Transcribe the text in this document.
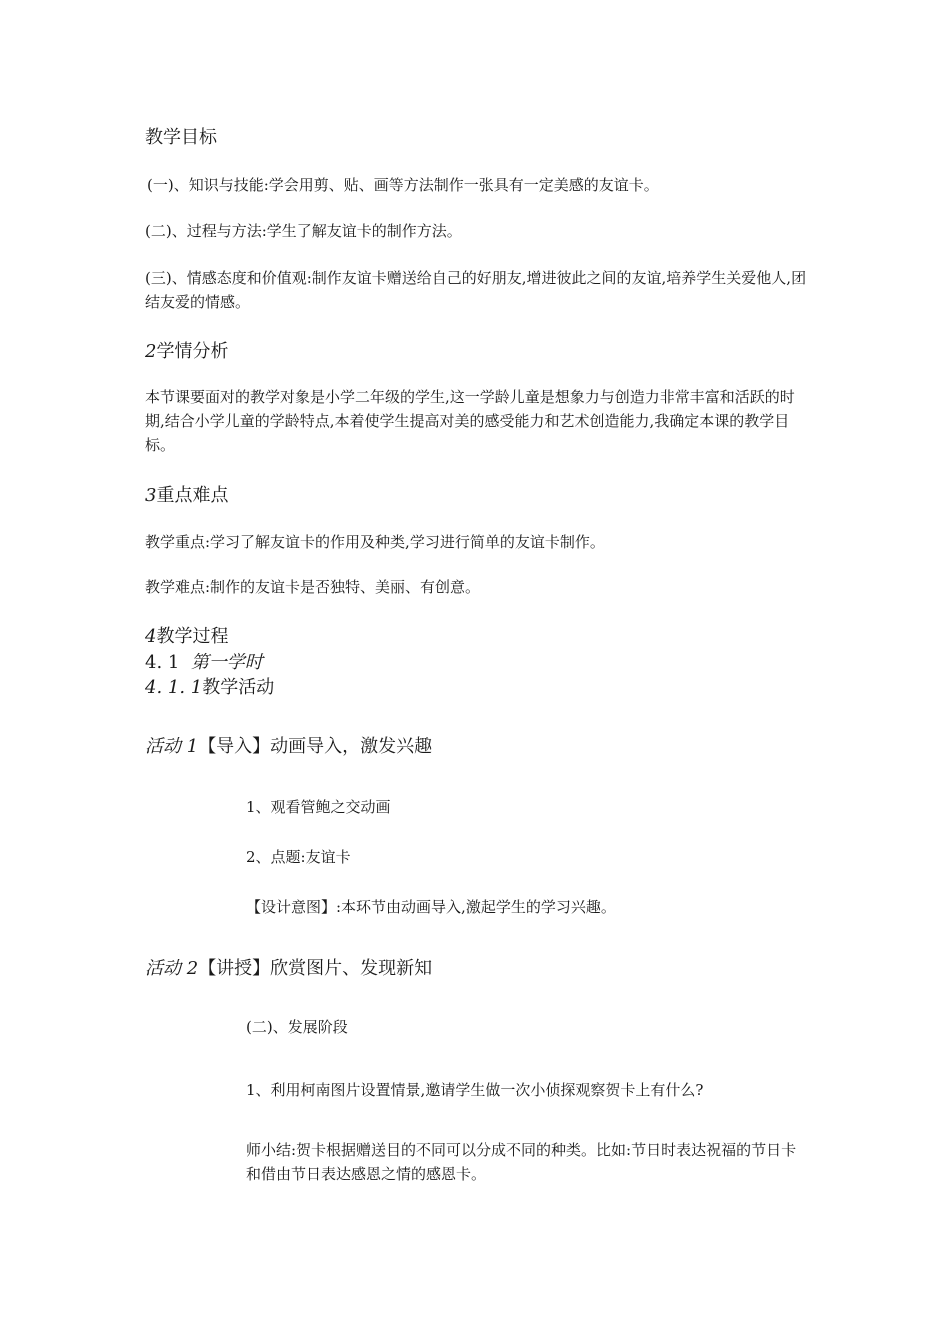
教学目标
(一)、知识与技能:学会用剪、贴、画等方法制作一张具有一定美感的友谊卡。
(二)、过程与方法:学生了解友谊卡的制作方法。
(三)、情感态度和价值观:制作友谊卡赠送给自己的好朋友,增进彼此之间的友谊,培养学生关爱他人,团结友爱的情感。
2学情分析
本节课要面对的教学对象是小学二年级的学生,这一学龄儿童是想象力与创造力非常丰富和活跃的时期,结合小学儿童的学龄特点,本着使学生提高对美的感受能力和艺术创造能力,我确定本课的教学目标。
3重点难点
教学重点:学习了解友谊卡的作用及种类,学习进行简单的友谊卡制作。
教学难点:制作的友谊卡是否独特、美丽、有创意。
4教学过程
4. 1 第一学时
4. 1. 1教学活动
活动 1【导入】动画导入，激发兴趣
1、观看管鲍之交动画
2、点题:友谊卡
【设计意图】:本环节由动画导入,激起学生的学习兴趣。
活动 2【讲授】欣赏图片、发现新知
(二)、发展阶段
1、利用柯南图片设置情景,邀请学生做一次小侦探观察贺卡上有什么?
师小结:贺卡根据赠送目的不同可以分成不同的种类。比如:节日时表达祝福的节日卡和借由节日表达感恩之情的感恩卡。
